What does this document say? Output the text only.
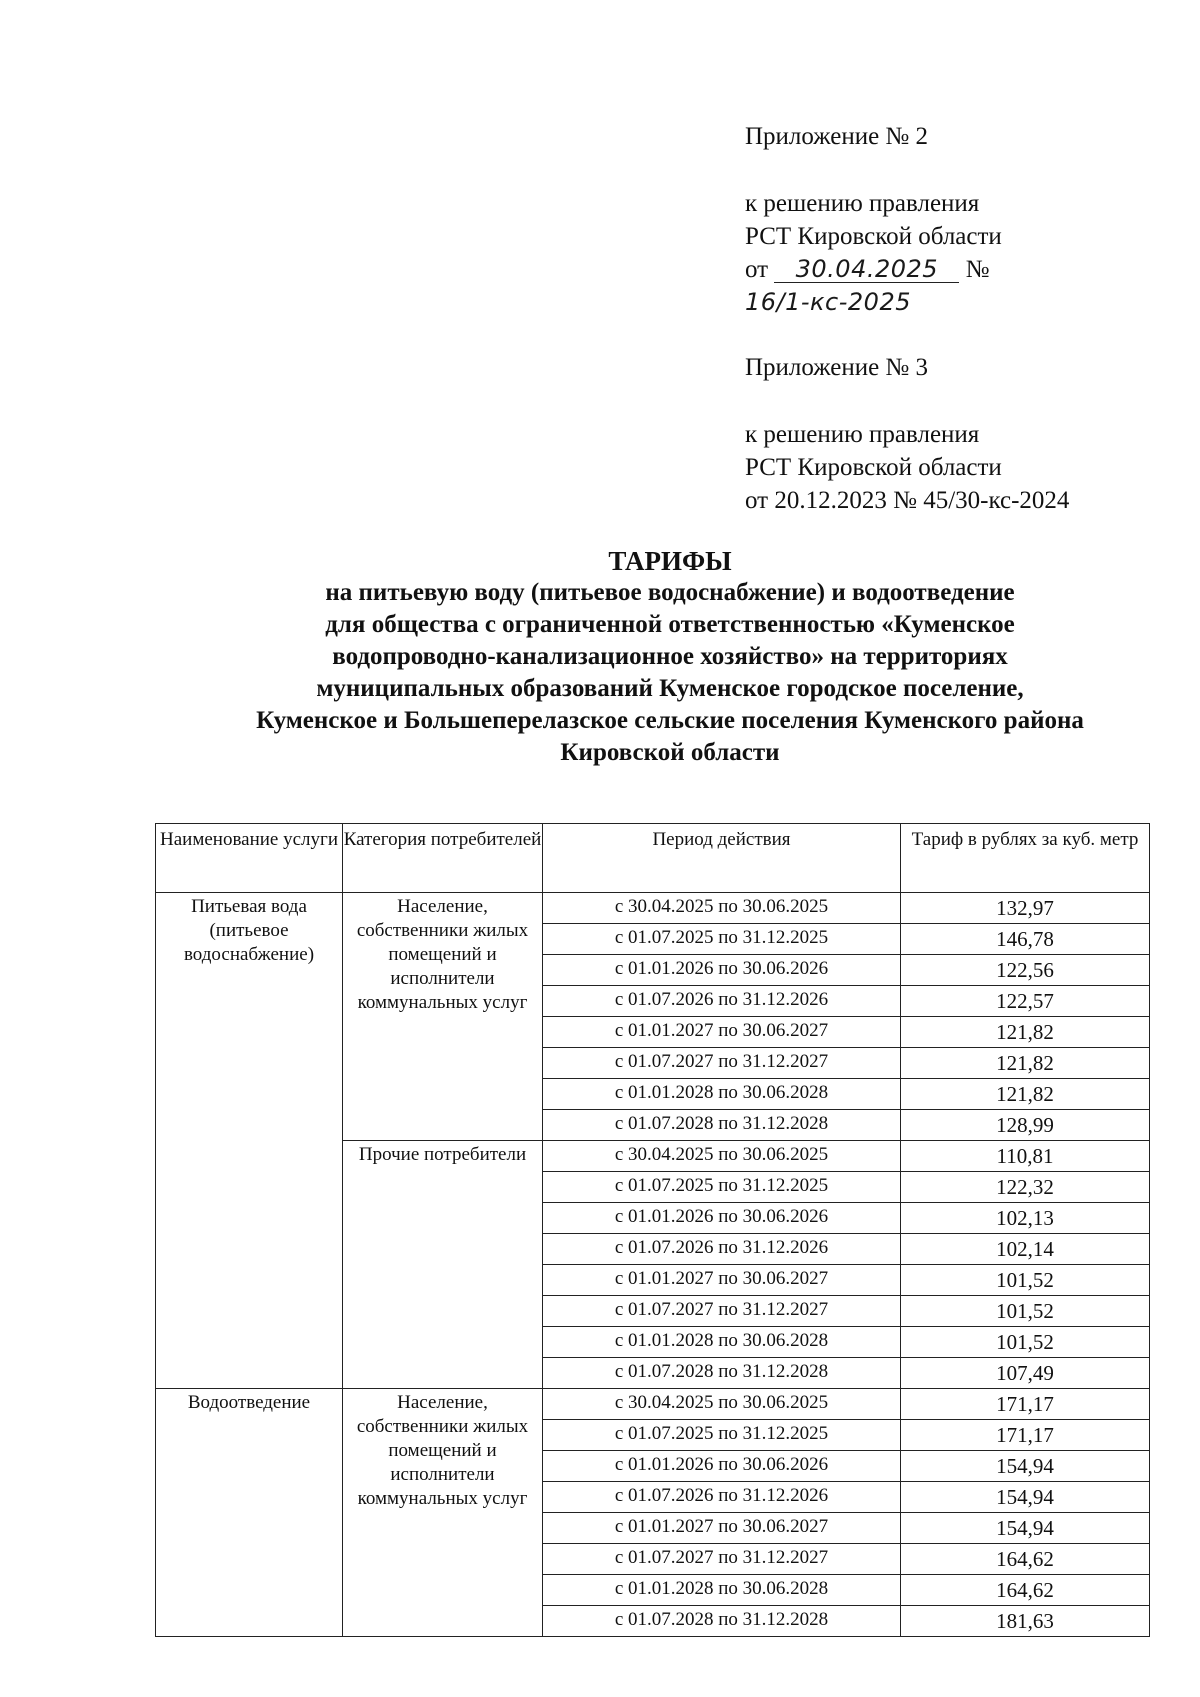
Приложение № 2

к решению правления

РСТ Кировской области

от 30.04.2025 № 16/1-кс-2025

Приложение № 3

к решению правления

РСТ Кировской области

от 20.12.2023 № 45/30-кс-2024

ТАРИФЫ
на питьевую воду (питьевое водоснабжение) и водоотведение
для общества с ограниченной ответственностью «Куменское
водопроводно-канализационное хозяйство» на территориях
муниципальных образований Куменское городское поселение,
Куменское и Большеперелазское сельские поселения Куменского района
Кировской области
Наименование услуги	Категория потребителей	Период действия	Тариф в рублях за куб. метр
Питьевая вода (питьевое водоснабжение)	Население, собственники жилых помещений и исполнители коммунальных услуг	с 30.04.2025 по 30.06.2025	132,97
		с 01.07.2025 по 31.12.2025	146,78
		с 01.01.2026 по 30.06.2026	122,56
		с 01.07.2026 по 31.12.2026	122,57
		с 01.01.2027 по 30.06.2027	121,82
		с 01.07.2027 по 31.12.2027	121,82
		с 01.01.2028 по 30.06.2028	121,82
		с 01.07.2028 по 31.12.2028	128,99
	Прочие потребители	с 30.04.2025 по 30.06.2025	110,81
		с 01.07.2025 по 31.12.2025	122,32
		с 01.01.2026 по 30.06.2026	102,13
		с 01.07.2026 по 31.12.2026	102,14
		с 01.01.2027 по 30.06.2027	101,52
		с 01.07.2027 по 31.12.2027	101,52
		с 01.01.2028 по 30.06.2028	101,52
		с 01.07.2028 по 31.12.2028	107,49
Водоотведение	Население, собственники жилых помещений и исполнители коммунальных услуг	с 30.04.2025 по 30.06.2025	171,17
		с 01.07.2025 по 31.12.2025	171,17
		с 01.01.2026 по 30.06.2026	154,94
		с 01.07.2026 по 31.12.2026	154,94
		с 01.01.2027 по 30.06.2027	154,94
		с 01.07.2027 по 31.12.2027	164,62
		с 01.01.2028 по 30.06.2028	164,62
		с 01.07.2028 по 31.12.2028	181,63
